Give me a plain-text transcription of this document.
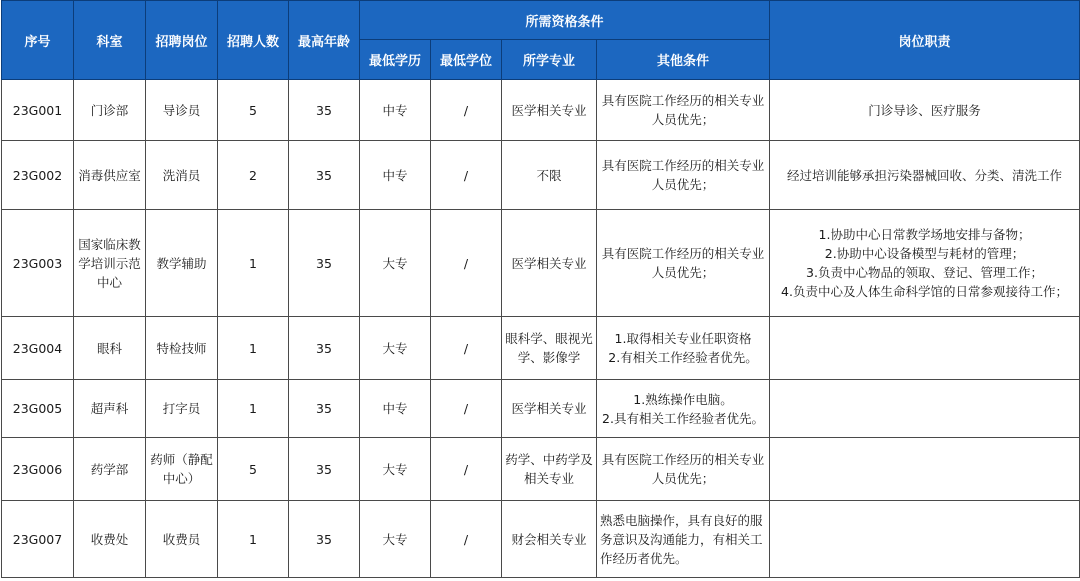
序号	科室	招聘岗位	招聘人数	最高年龄	所需资格条件				岗位职责
					最低学历	最低学位	所学专业	其他条件	
23G001	门诊部	导诊员	5	35	中专	/	医学相关专业	具有医院工作经历的相关专业人员优先；	门诊导诊、医疗服务
23G002	消毒供应室	洗消员	2	35	中专	/	不限	具有医院工作经历的相关专业人员优先；	经过培训能够承担污染器械回收、分类、清洗工作
23G003	国家临床教学培训示范中心	教学辅助	1	35	大专	/	医学相关专业	具有医院工作经历的相关专业人员优先；	1.协助中心日常教学场地安排与备物；
2.协助中心设备模型与耗材的管理；
3.负责中心物品的领取、登记、管理工作；
4.负责中心及人体生命科学馆的日常参观接待工作；
23G004	眼科	特检技师	1	35	大专	/	眼科学、眼视光学、影像学	1.取得相关专业任职资格
2.有相关工作经验者优先。	
23G005	超声科	打字员	1	35	中专	/	医学相关专业	1.熟练操作电脑。
2.具有相关工作经验者优先。	
23G006	药学部	药师（静配中心）	5	35	大专	/	药学、中药学及相关专业	具有医院工作经历的相关专业人员优先；	
23G007	收费处	收费员	1	35	大专	/	财会相关专业	熟悉电脑操作，具有良好的服务意识及沟通能力，有相关工作经历者优先。	
